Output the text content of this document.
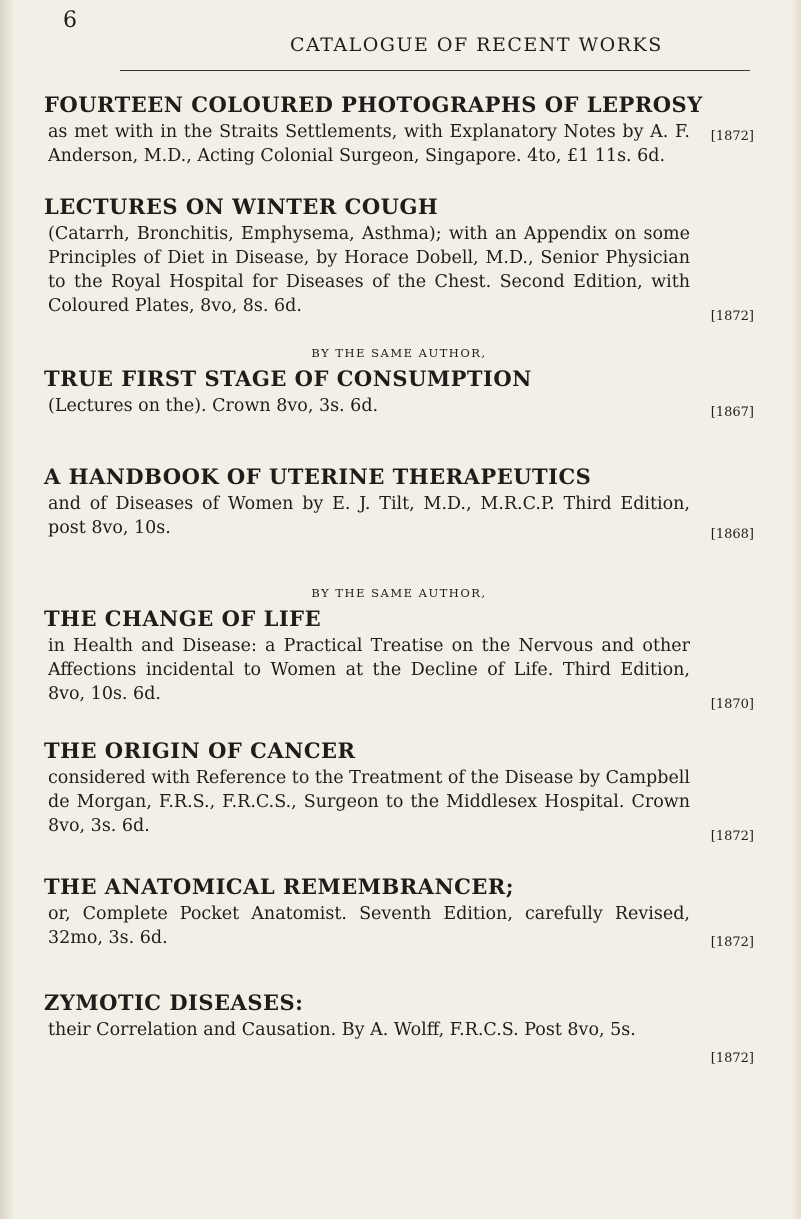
6
CATALOGUE OF RECENT WORKS
FOURTEEN COLOURED PHOTOGRAPHS OF LEPROSY

as met with in the Straits Settlements, with Explanatory Notes by A. F. Anderson, M.D., Acting Colonial Surgeon, Singapore. 4to, £1 11s. 6d.

[1872]
LECTURES ON WINTER COUGH

(Catarrh, Bronchitis, Emphysema, Asthma); with an Appendix on some Principles of Diet in Disease, by Horace Dobell, M.D., Senior Physician to the Royal Hospital for Diseases of the Chest. Second Edition, with Coloured Plates, 8vo, 8s. 6d.

[1872]
BY THE SAME AUTHOR,
TRUE FIRST STAGE OF CONSUMPTION

(Lectures on the). Crown 8vo, 3s. 6d.	[1867]
A HANDBOOK OF UTERINE THERAPEUTICS

and of Diseases of Women by E. J. Tilt, M.D., M.R.C.P. Third Edition, post 8vo, 10s.	[1868]
BY THE SAME AUTHOR,
THE CHANGE OF LIFE

in Health and Disease: a Practical Treatise on the Nervous and other Affections incidental to Women at the Decline of Life. Third Edition, 8vo, 10s. 6d.

[1870]
THE ORIGIN OF CANCER

considered with Reference to the Treatment of the Disease by Campbell de Morgan, F.R.S., F.R.C.S., Surgeon to the Middlesex Hospital. Crown 8vo, 3s. 6d.

[1872]
THE ANATOMICAL REMEMBRANCER;

or, Complete Pocket Anatomist. Seventh Edition, carefully Revised, 32mo, 3s. 6d.	[1872]
ZYMOTIC DISEASES:

their Correlation and Causation. By A. Wolff, F.R.C.S. Post 8vo, 5s.

[1872]
